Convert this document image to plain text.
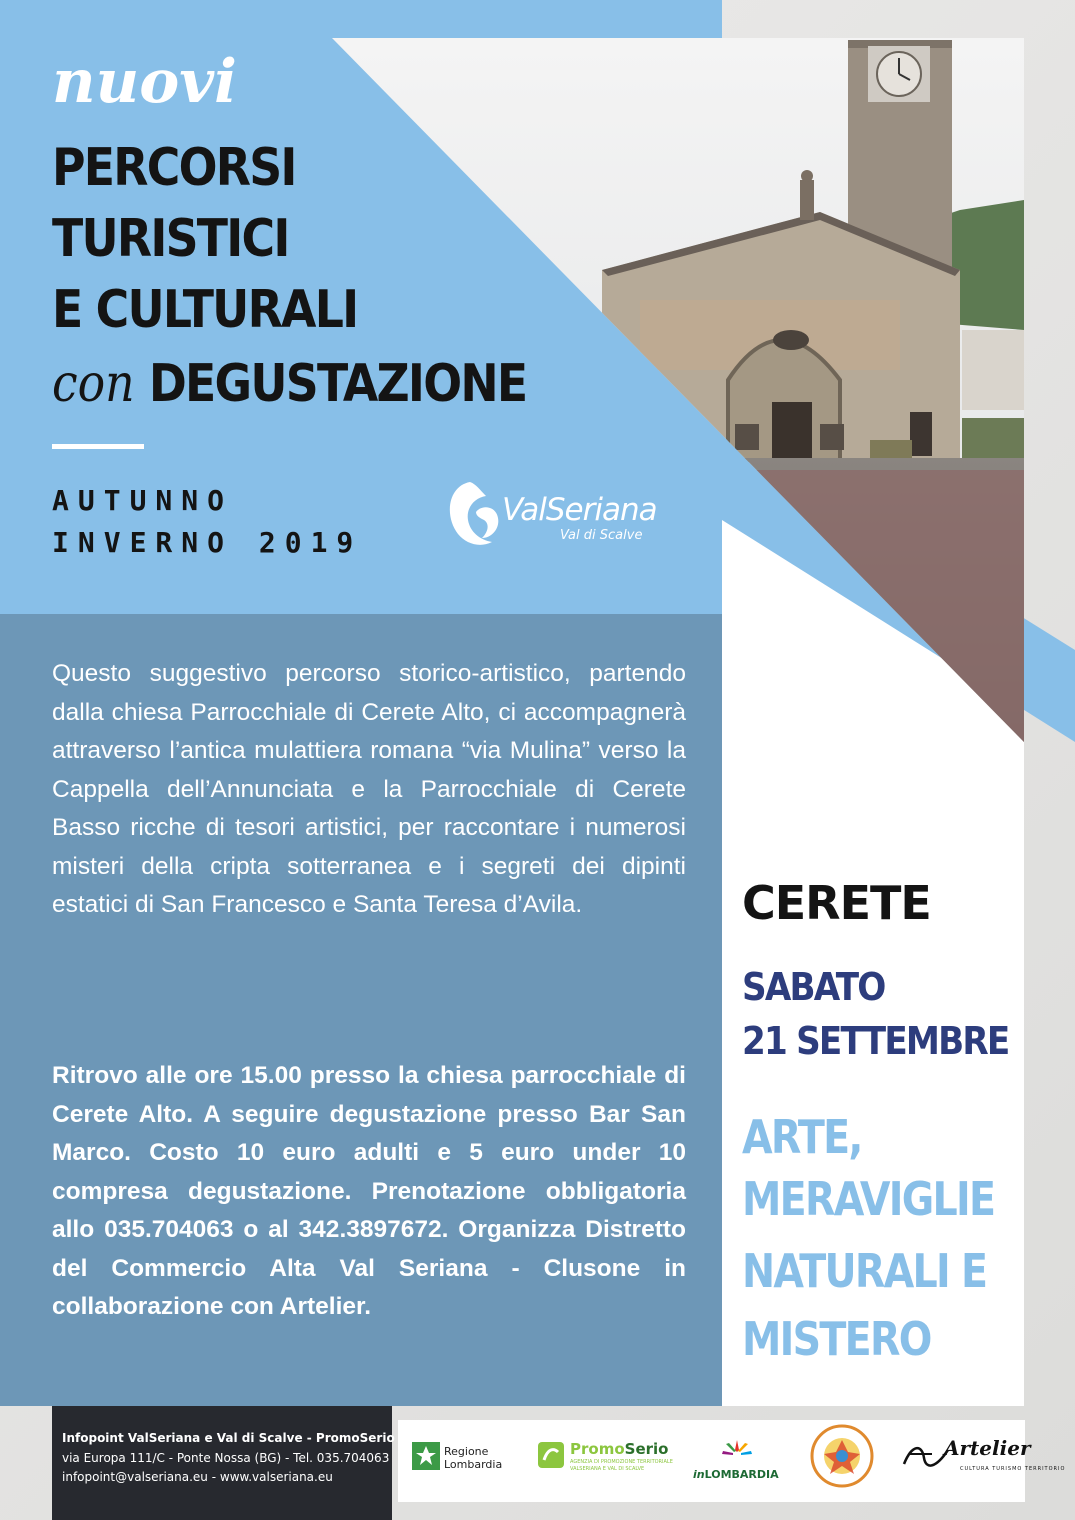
nuovi

PERCORSI

TURISTICI

E CULTURALI

con DEGUSTAZIONE

AUTUNNO

INVERNO 2019

ValSeriana
Val di Scalve

Questo suggestivo percorso storico-artistico, partendo dalla chiesa Parrocchiale di Cerete Alto, ci accompagnerà attraverso l’antica mulattiera romana “via Mulina” verso la Cappella dell’Annunciata e la Parrocchiale di Cerete Basso ricche di tesori artistici, per raccontare i numerosi misteri della cripta sotterranea e i segreti dei dipinti estatici di San Francesco e Santa Teresa d’Avila.

Ritrovo alle ore 15.00 presso la chiesa parrocchiale di Cerete Alto. A seguire degustazione presso Bar San Marco. Costo 10 euro adulti e 5 euro under 10 compresa degustazione. Prenotazione obbligatoria allo 035.704063 o al 342.3897672. Organizza Distretto del Commercio Alta Val Seriana - Clusone in collaborazione con Artelier.

CERETE

SABATO

21 SETTEMBRE

ARTE,

MERAVIGLIE

NATURALI E

MISTERO

Infopoint ValSeriana e Val di Scalve - PromoSerio

via Europa 111/C - Ponte Nossa (BG) - Tel. 035.704063

infopoint@valseriana.eu - www.valseriana.eu

Regione

Lombardia

PromoSerio

AGENZIA DI PROMOZIONE TERRITORIALE

VALSERIANA E VAL DI SCALVE	inLOMBARDIA

Artelier

CULTURA TURISMO TERRITORIO
